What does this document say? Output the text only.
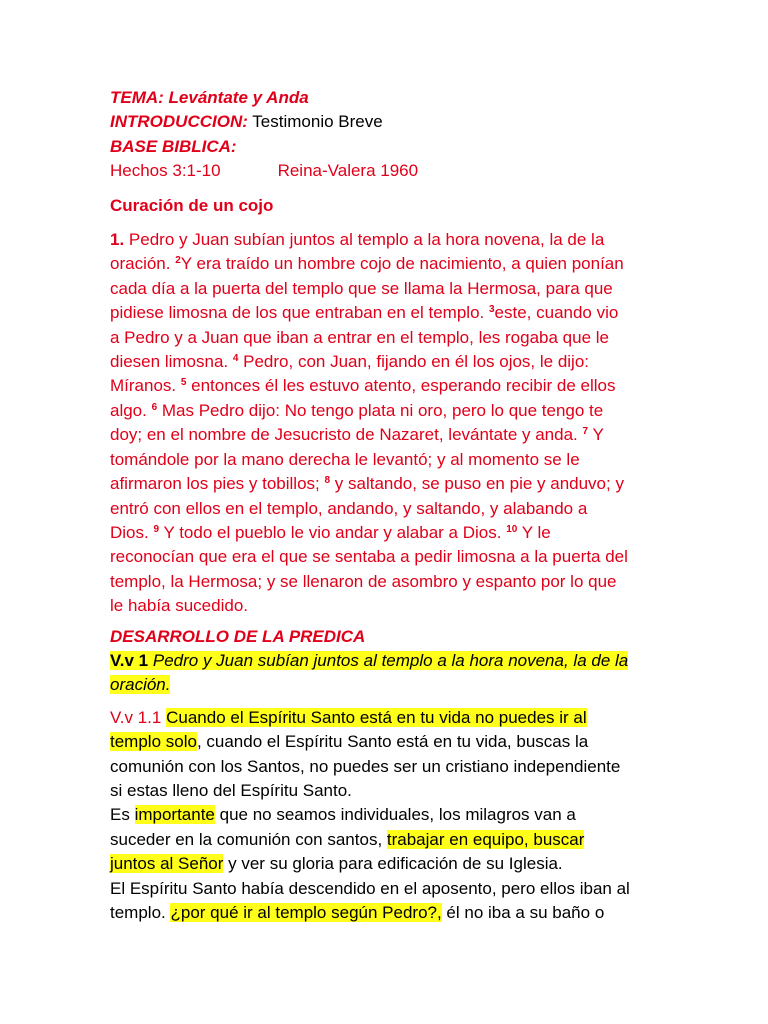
TEMA: Levántate y Anda
INTRODUCCION: Testimonio Breve
BASE BIBLICA:
Hechos 3:1-10	Reina-Valera 1960
Curación de un cojo
1. Pedro y Juan subían juntos al templo a la hora novena, la de la
oración. $^2$Y era traído un hombre cojo de nacimiento, a quien ponían
cada día a la puerta del templo que se llama la Hermosa, para que
pidiese limosna de los que entraban en el templo. $^3$este, cuando vio
a Pedro y a Juan que iban a entrar en el templo, les rogaba que le
diesen limosna. $^4$ Pedro, con Juan, fijando en él los ojos, le dijo:
Míranos. $^5$ entonces él les estuvo atento, esperando recibir de ellos
algo. $^6$ Mas Pedro dijo: No tengo plata ni oro, pero lo que tengo te
doy; en el nombre de Jesucristo de Nazaret, levántate y anda. $^7$ Y
tomándole por la mano derecha le levantó; y al momento se le
afirmaron los pies y tobillos; $^8$ y saltando, se puso en pie y anduvo; y
entró con ellos en el templo, andando, y saltando, y alabando a
Dios. $^9$ Y todo el pueblo le vio andar y alabar a Dios. $^{10}$ Y le
reconocían que era el que se sentaba a pedir limosna a la puerta del
templo, la Hermosa; y se llenaron de asombro y espanto por lo que
le había sucedido.
DESARROLLO DE LA PREDICA
V.v 1 Pedro y Juan subían juntos al templo a la hora novena, la de la
oración.
V.v 1.1 Cuando el Espíritu Santo está en tu vida no puedes ir al
templo solo, cuando el Espíritu Santo está en tu vida, buscas la
comunión con los Santos, no puedes ser un cristiano independiente
si estas lleno del Espíritu Santo.
Es importante que no seamos individuales, los milagros van a
suceder en la comunión con santos, trabajar en equipo, buscar
juntos al Señor y ver su gloria para edificación de su Iglesia.
El Espíritu Santo había descendido en el aposento, pero ellos iban al
templo. ¿por qué ir al templo según Pedro?, él no iba a su baño o
